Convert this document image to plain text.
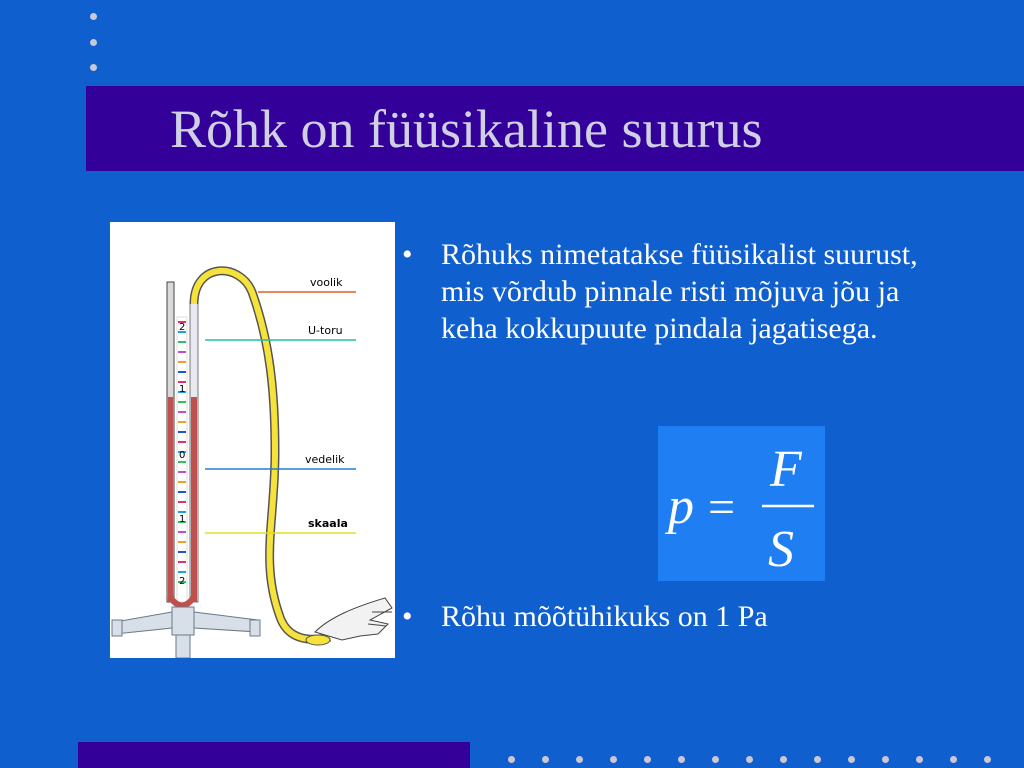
Rõhk on füüsikaline suurus
2
1
0
1
2
voolik
U-toru
vedelik
skaala
• Rõhuks nimetatakse füüsikalist suurust, mis võrdub pinnale risti mõjuva jõu ja keha kokkupuute pindala jagatisega.
p =
F
S
• Rõhu mõõtühikuks on 1 Pa
